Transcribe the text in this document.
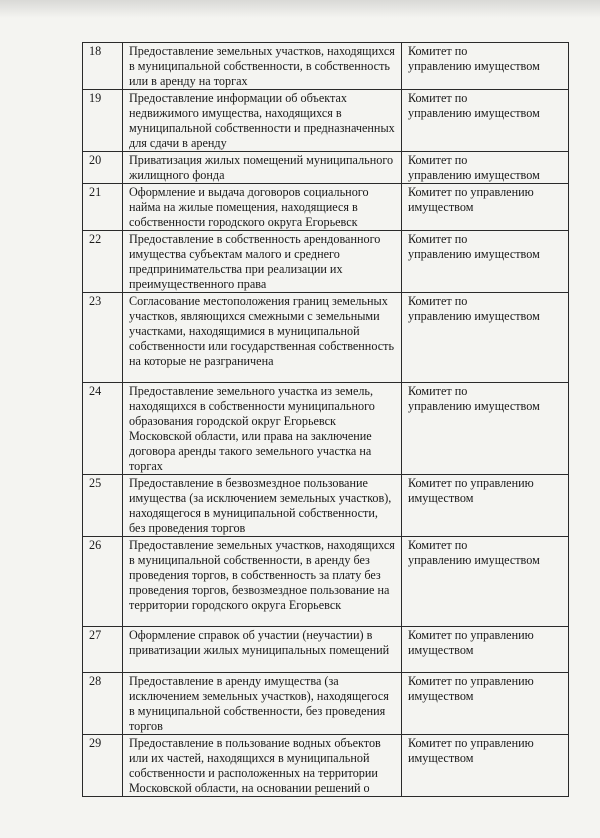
18	Предоставление земельных участков, находящихся в муниципальной собственности, в собственность или в аренду на торгах	Комитет по
управлению имуществом

19	Предоставление информации об объектах недвижимого имущества, находящихся в муниципальной собственности и предназначенных для сдачи в аренду	Комитет по
управлению имуществом

20	Приватизация жилых помещений муниципального жилищного фонда	Комитет по
управлению имуществом

21	Оформление и выдача договоров социального найма на жилые помещения, находящиеся в собственности городского округа Егорьевск	Комитет по управлению
имуществом

22	Предоставление в собственность арендованного имущества субъектам малого и среднего предпринимательства при реализации их преимущественного права	Комитет по
управлению имуществом

23	Согласование местоположения границ земельных участков, являющихся смежными с земельными участками, находящимися в муниципальной собственности или государственная собственность на которые не разграничена	Комитет по
управлению имуществом

24	Предоставление земельного участка из земель, находящихся в собственности муниципального образования городской округ Егорьевск Московской области, или права на заключение договора аренды такого земельного участка на торгах	Комитет по
управлению имуществом

25	Предоставление в безвозмездное пользование имущества (за исключением земельных участков), находящегося в муниципальной собственности, без проведения торгов	Комитет по управлению
имуществом

26	Предоставление земельных участков, находящихся в муниципальной собственности, в аренду без проведения торгов, в собственность за плату без проведения торгов, безвозмездное пользование на территории городского округа Егорьевск	Комитет по
управлению имуществом

27	Оформление справок об участии (неучастии) в приватизации жилых муниципальных помещений	Комитет по управлению
имуществом

28	Предоставление в аренду имущества (за исключением земельных участков), находящегося в муниципальной собственности, без проведения торгов	Комитет по управлению
имуществом

29	Предоставление в пользование водных объектов или их частей, находящихся в муниципальной собственности и расположенных на территории Московской области, на основании решений о	Комитет по управлению
имуществом
